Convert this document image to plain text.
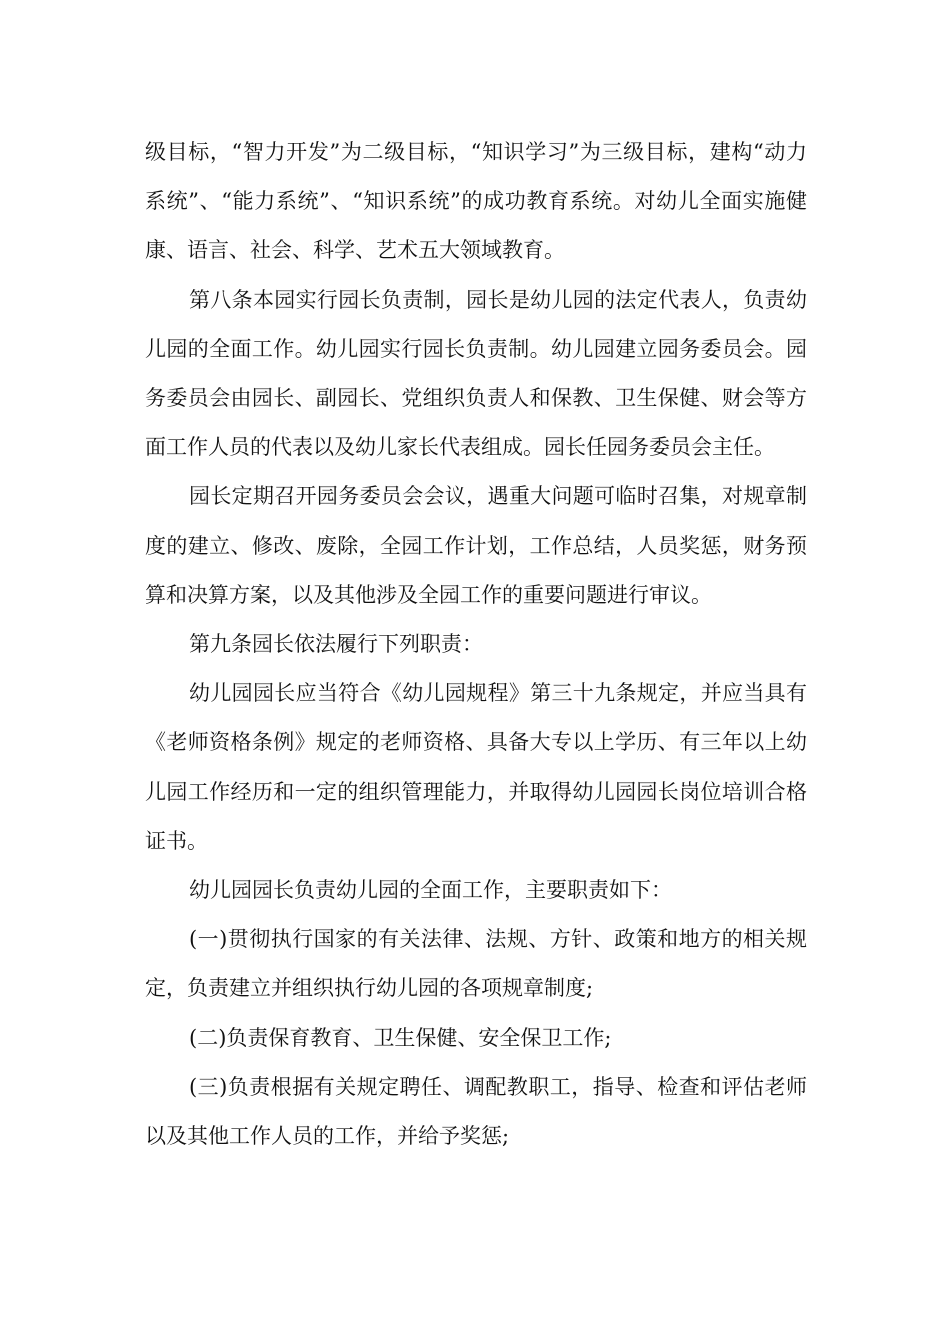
级目标，“智力开发”为二级目标，“知识学习”为三级目标，建构“动力系统”、“能力系统”、“知识系统”的成功教育系统。对幼儿全面实施健康、语言、社会、科学、艺术五大领域教育。

第八条本园实行园长负责制，园长是幼儿园的法定代表人，负责幼儿园的全面工作。幼儿园实行园长负责制。幼儿园建立园务委员会。园务委员会由园长、副园长、党组织负责人和保教、卫生保健、财会等方面工作人员的代表以及幼儿家长代表组成。园长任园务委员会主任。

园长定期召开园务委员会会议，遇重大问题可临时召集，对规章制度的建立、修改、废除，全园工作计划，工作总结，人员奖惩，财务预算和决算方案，以及其他涉及全园工作的重要问题进行审议。

第九条园长依法履行下列职责：

幼儿园园长应当符合《幼儿园规程》第三十九条规定，并应当具有《老师资格条例》规定的老师资格、具备大专以上学历、有三年以上幼儿园工作经历和一定的组织管理能力，并取得幼儿园园长岗位培训合格证书。

幼儿园园长负责幼儿园的全面工作，主要职责如下：

(一)贯彻执行国家的有关法律、法规、方针、政策和地方的相关规定，负责建立并组织执行幼儿园的各项规章制度;

(二)负责保育教育、卫生保健、安全保卫工作;

(三)负责根据有关规定聘任、调配教职工，指导、检查和评估老师以及其他工作人员的工作，并给予奖惩;
